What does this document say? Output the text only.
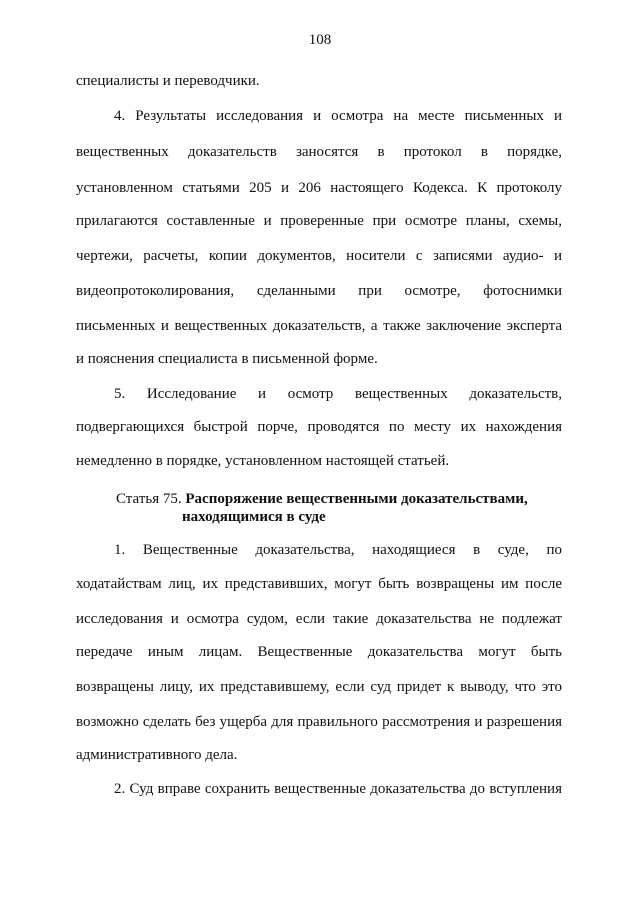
108
специалисты и переводчики.
4. Результаты исследования и осмотра на месте письменных и
вещественных доказательств заносятся в протокол в порядке,
установленном статьями 205 и 206 настоящего Кодекса. К протоколу
прилагаются составленные и проверенные при осмотре планы, схемы,
чертежи, расчеты, копии документов, носители с записями аудио- и
видеопротоколирования, сделанными при осмотре, фотоснимки
письменных и вещественных доказательств, а также заключение эксперта
и пояснения специалиста в письменной форме.
5. Исследование и осмотр вещественных доказательств,
подвергающихся быстрой порче, проводятся по месту их нахождения
немедленно в порядке, установленном настоящей статьей.
Статья 75. Распоряжение вещественными доказательствами,
находящимися в суде
1. Вещественные доказательства, находящиеся в суде, по
ходатайствам лиц, их представивших, могут быть возвращены им после
исследования и осмотра судом, если такие доказательства не подлежат
передаче иным лицам. Вещественные доказательства могут быть
возвращены лицу, их представившему, если суд придет к выводу, что это
возможно сделать без ущерба для правильного рассмотрения и разрешения
административного дела.
2. Суд вправе сохранить вещественные доказательства до вступления
